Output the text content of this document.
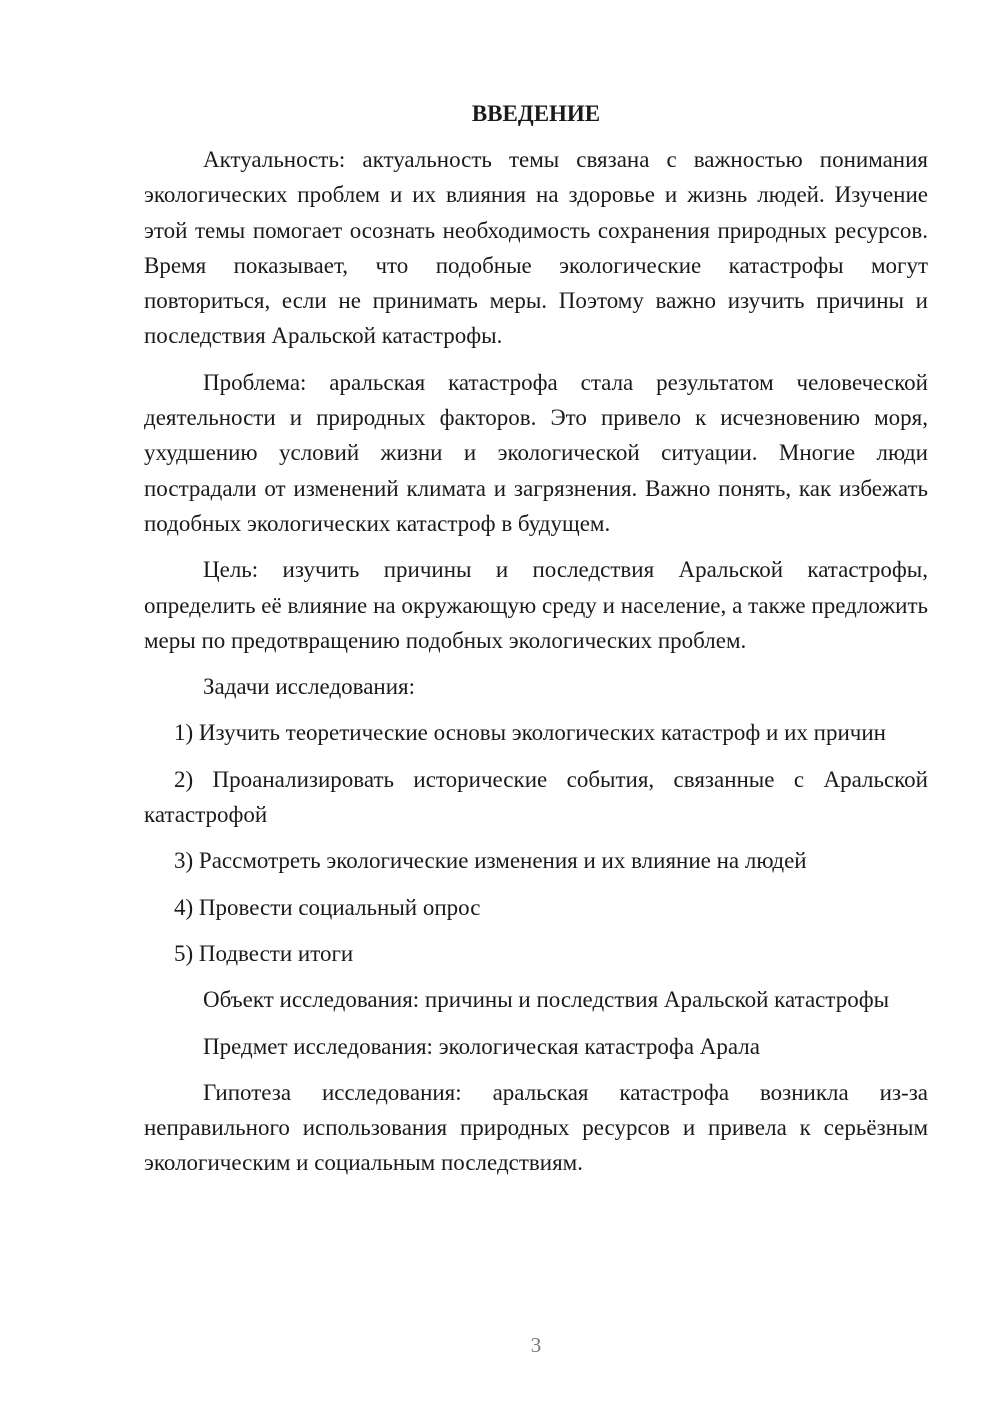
ВВЕДЕНИЕ

Актуальность: актуальность темы связана с важностью понимания экологических проблем и их влияния на здоровье и жизнь людей. Изучение этой темы помогает осознать необходимость сохранения природных ресурсов. Время показывает, что подобные экологические катастрофы могут повториться, если не принимать меры. Поэтому важно изучить причины и последствия Аральской катастрофы.

Проблема: аральская катастрофа стала результатом человеческой деятельности и природных факторов. Это привело к исчезновению моря, ухудшению условий жизни и экологической ситуации. Многие люди пострадали от изменений климата и загрязнения. Важно понять, как избежать подобных экологических катастроф в будущем.

Цель: изучить причины и последствия Аральской катастрофы, определить её влияние на окружающую среду и население, а также предложить меры по предотвращению подобных экологических проблем.

Задачи исследования:

1) Изучить теоретические основы экологических катастроф и их причин

2) Проанализировать исторические события, связанные с Аральской катастрофой

3) Рассмотреть экологические изменения и их влияние на людей

4) Провести социальный опрос

5) Подвести итоги

Объект исследования: причины и последствия Аральской катастрофы

Предмет исследования: экологическая катастрофа Арала

Гипотеза исследования: аральская катастрофа возникла из-за неправильного использования природных ресурсов и привела к серьёзным экологическим и социальным последствиям.

3
